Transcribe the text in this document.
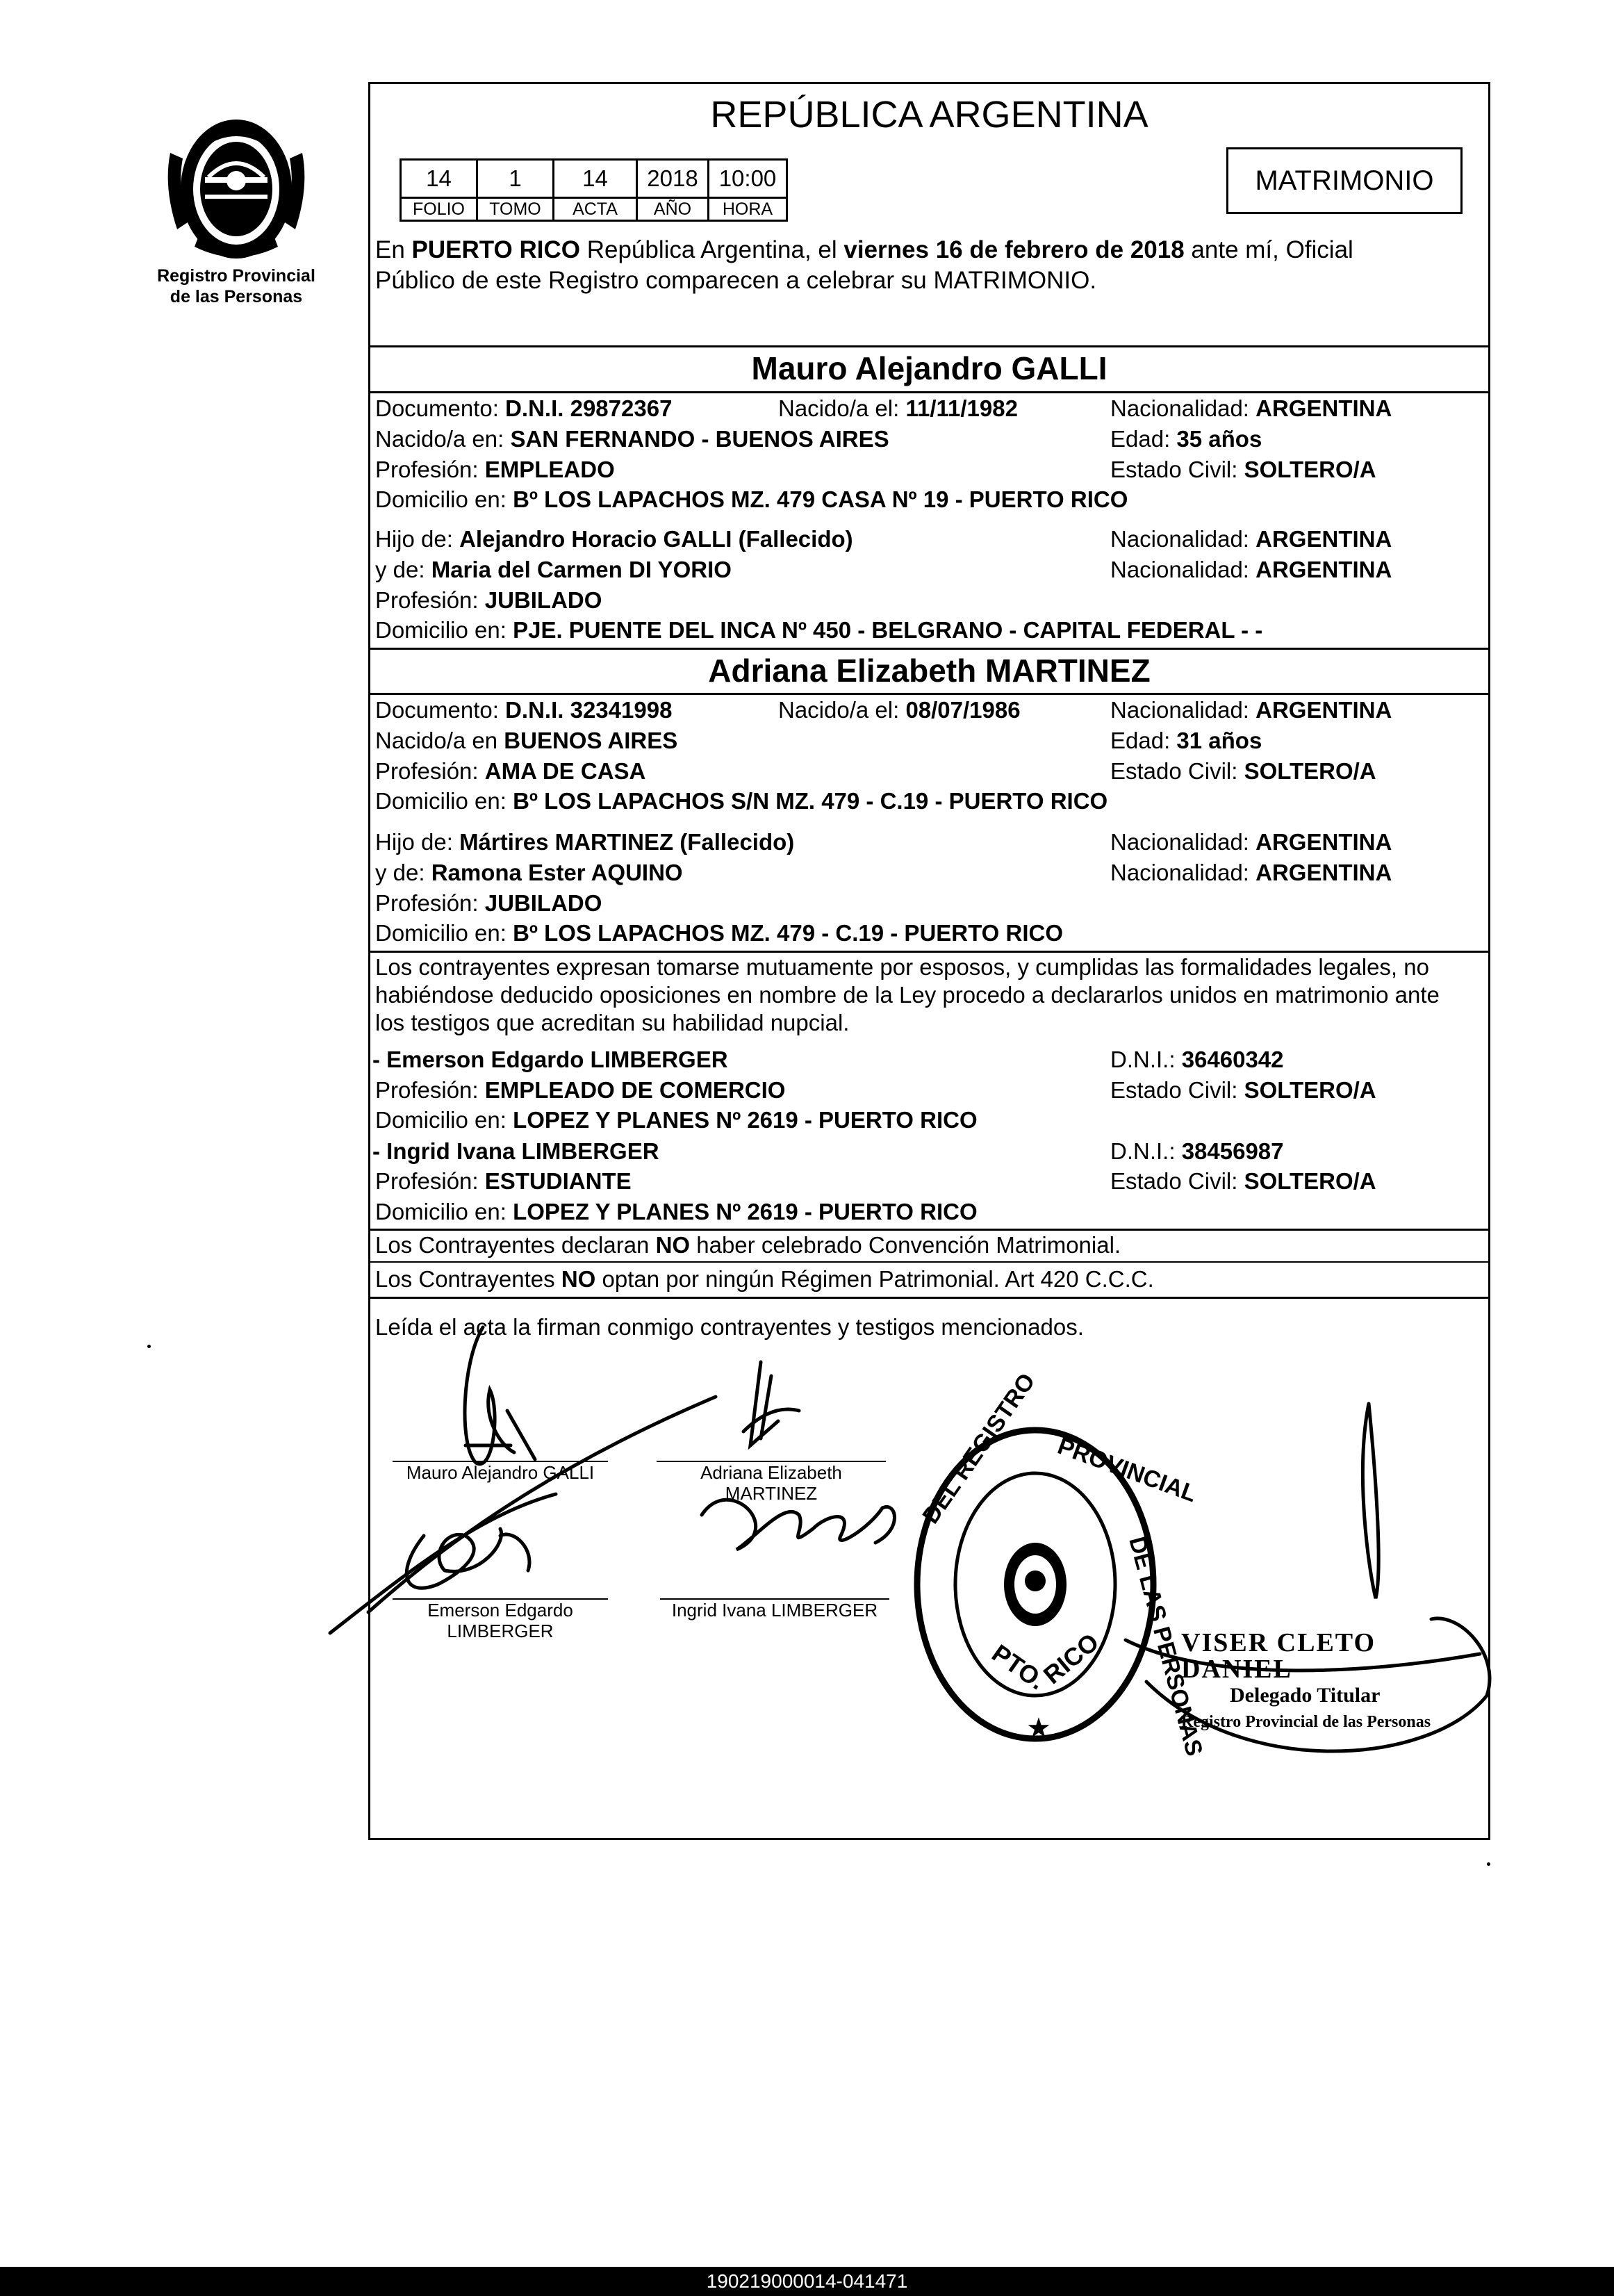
Registro Provincial
de las Personas
REPÚBLICA ARGENTINA
14	1	14	2018	10:00
FOLIO	TOMO	ACTA	AÑO	HORA
MATRIMONIO
En PUERTO RICO República Argentina, el viernes 16 de febrero de 2018 ante mí, Oficial
Público de este Registro comparecen a celebrar su MATRIMONIO.
Mauro Alejandro GALLI
Documento: D.N.I. 29872367	Nacido/a el: 11/11/1982	Nacionalidad: ARGENTINA
Nacido/a en: SAN FERNANDO - BUENOS AIRES	Edad: 35 años
Profesión: EMPLEADO	Estado Civil: SOLTERO/A
Domicilio en: Bº LOS LAPACHOS MZ. 479 CASA Nº 19 - PUERTO RICO
Hijo de: Alejandro Horacio GALLI (Fallecido)	Nacionalidad: ARGENTINA
y de: Maria del Carmen DI YORIO	Nacionalidad: ARGENTINA
Profesión: JUBILADO
Domicilio en: PJE. PUENTE DEL INCA Nº 450 - BELGRANO - CAPITAL FEDERAL - -
Adriana Elizabeth MARTINEZ
Documento: D.N.I. 32341998	Nacido/a el: 08/07/1986	Nacionalidad: ARGENTINA
Nacido/a en BUENOS AIRES	Edad: 31 años
Profesión: AMA DE CASA	Estado Civil: SOLTERO/A
Domicilio en: Bº LOS LAPACHOS S/N MZ. 479 - C.19 - PUERTO RICO
Hijo de: Mártires MARTINEZ (Fallecido)	Nacionalidad: ARGENTINA
y de: Ramona Ester AQUINO	Nacionalidad: ARGENTINA
Profesión: JUBILADO
Domicilio en: Bº LOS LAPACHOS MZ. 479 - C.19 - PUERTO RICO
Los contrayentes expresan tomarse mutuamente por esposos, y cumplidas las formalidades legales, no
habiéndose deducido oposiciones en nombre de la Ley procedo a declararlos unidos en matrimonio ante
los testigos que acreditan su habilidad nupcial.
- Emerson Edgardo LIMBERGER	D.N.I.: 36460342
Profesión: EMPLEADO DE COMERCIO	Estado Civil: SOLTERO/A
Domicilio en: LOPEZ Y PLANES Nº 2619 - PUERTO RICO
- Ingrid Ivana LIMBERGER	D.N.I.: 38456987
Profesión: ESTUDIANTE	Estado Civil: SOLTERO/A
Domicilio en: LOPEZ Y PLANES Nº 2619 - PUERTO RICO
Los Contrayentes declaran NO haber celebrado Convención Matrimonial.
Los Contrayentes NO optan por ningún Régimen Patrimonial. Art 420 C.C.C.
Leída el acta la firman conmigo contrayentes y testigos mencionados.
Mauro Alejandro GALLI	Adriana Elizabeth
MARTINEZ
Emerson Edgardo
LIMBERGER
Ingrid Ivana LIMBERGER
DEL REGISTRO PROVINCIAL
DE LAS PERSONAS
PTO.
RICO
★
VISER CLETO DANIEL
Delegado Titular
Registro Provincial de las Personas
190219000014-041471
